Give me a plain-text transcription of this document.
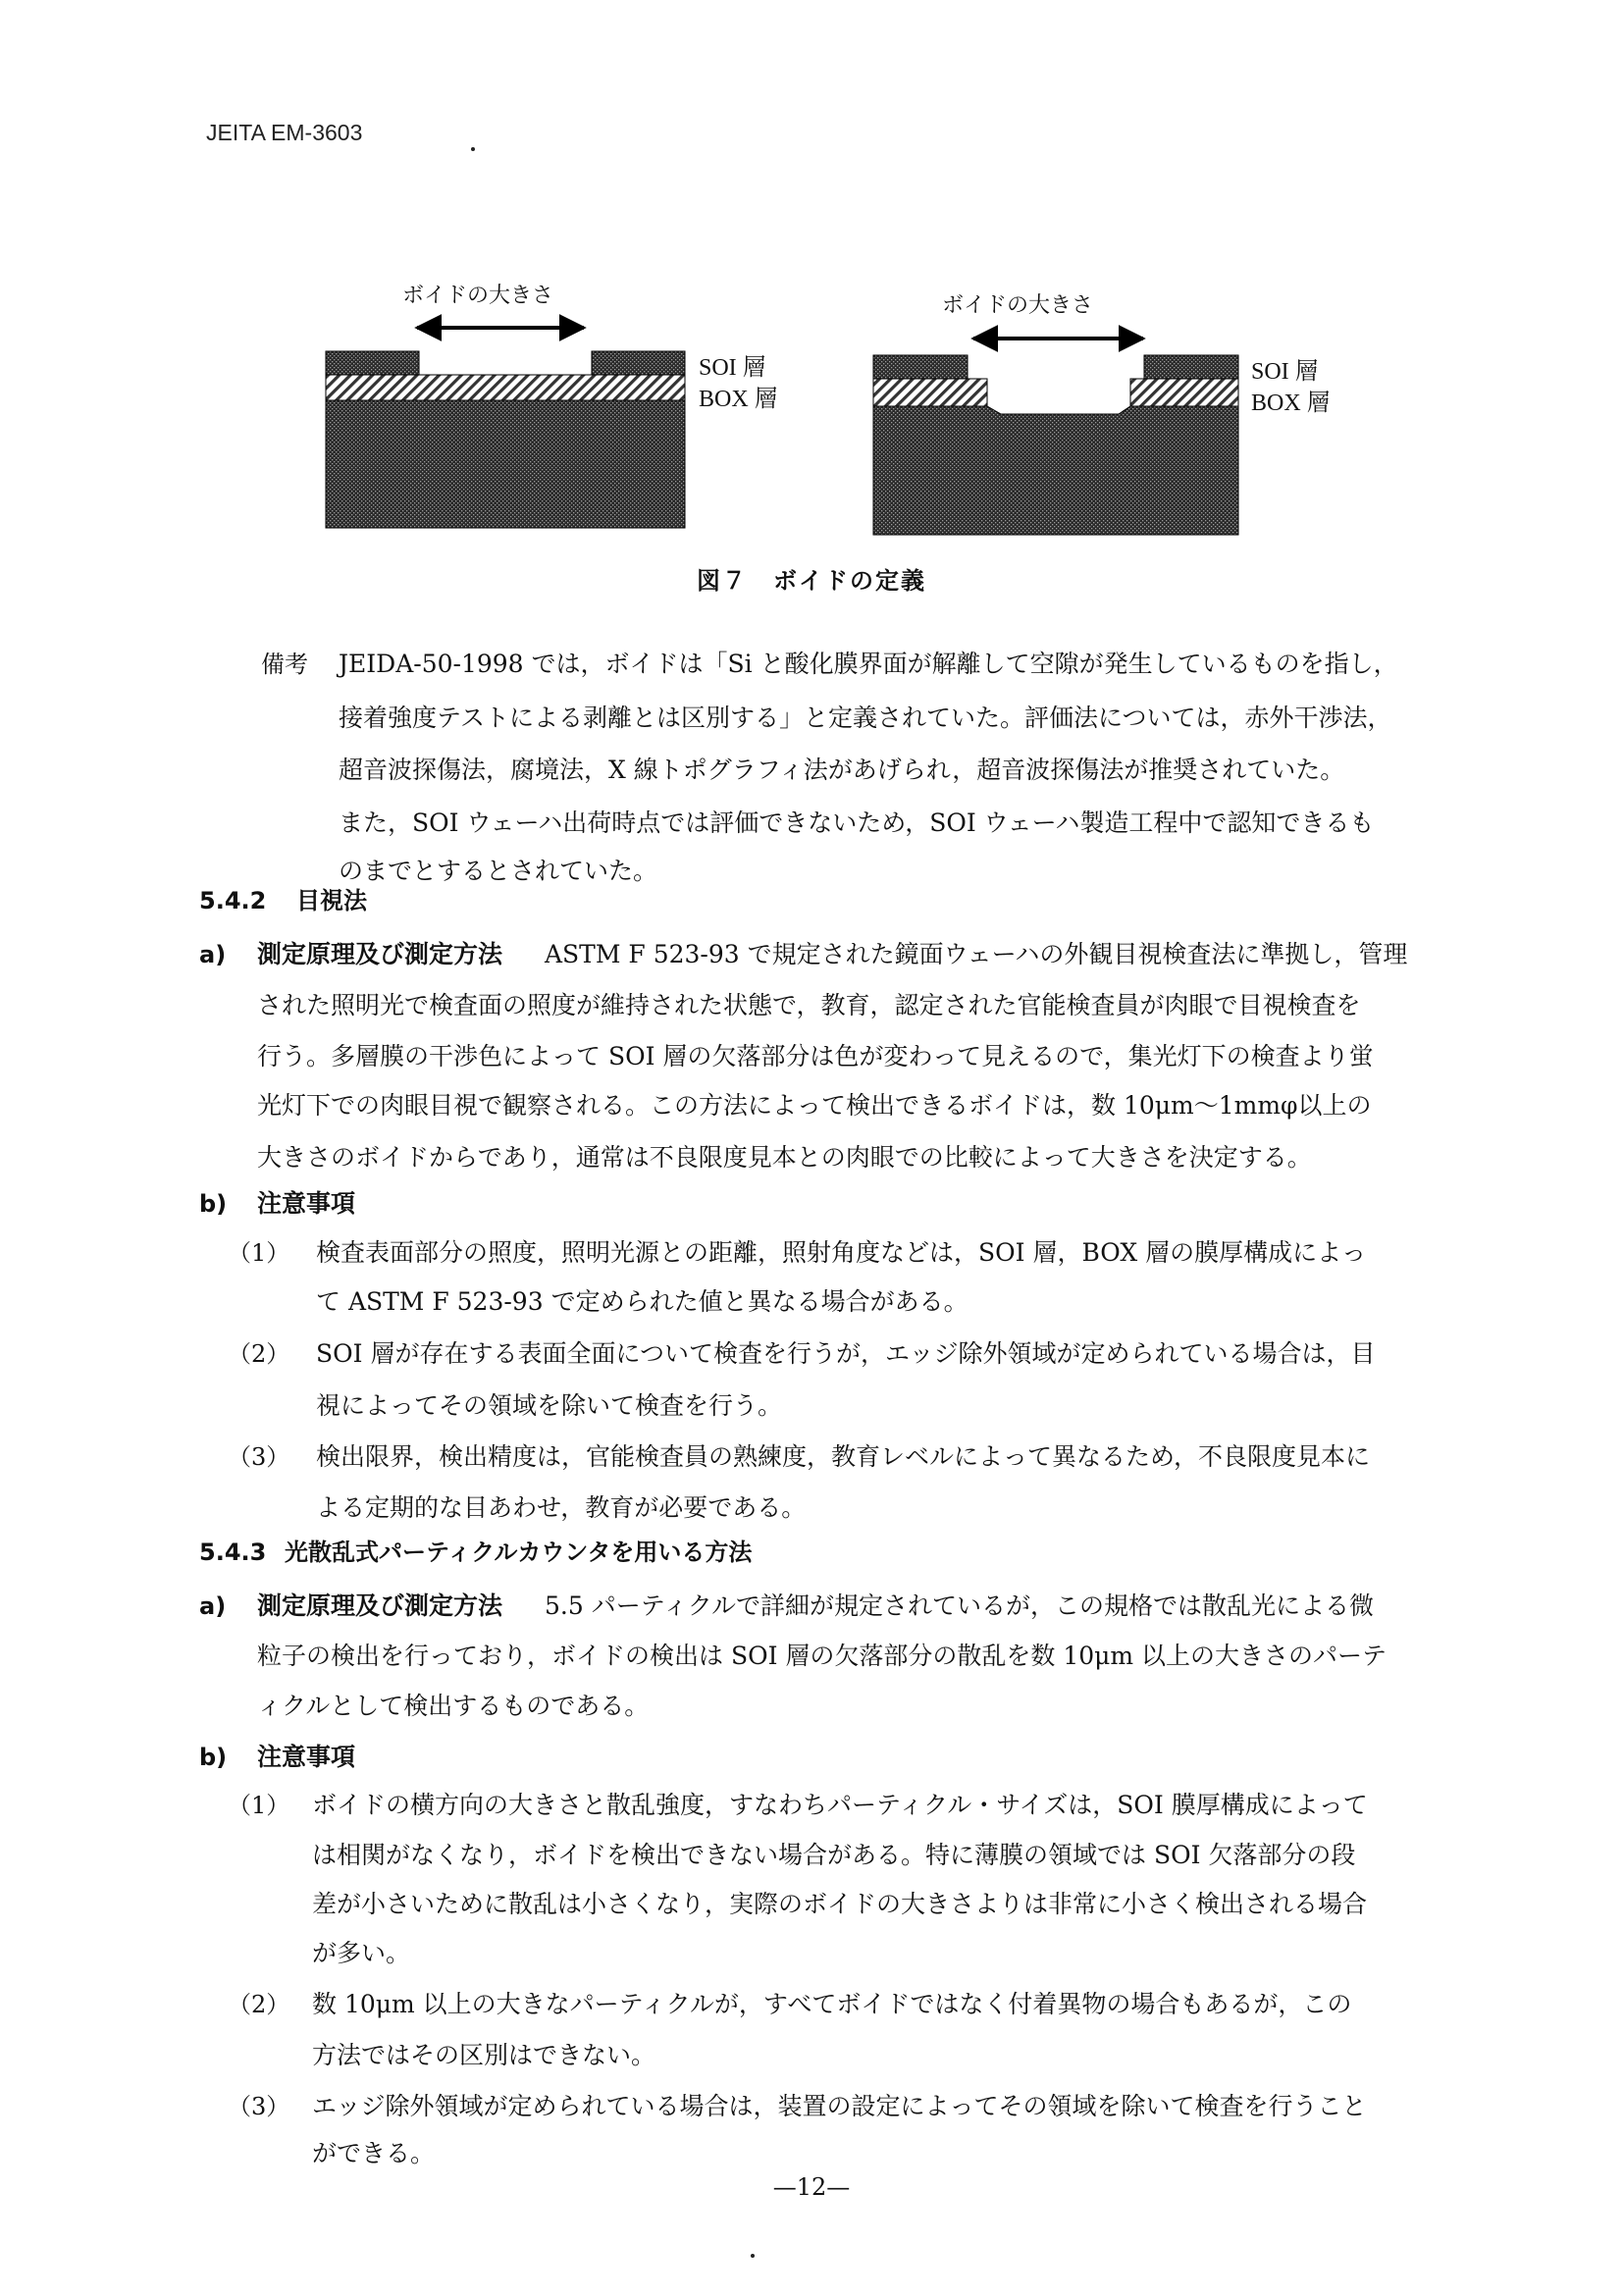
JEITA EM-3603
ボイドの大きさ	ボイドの大きさ
SOI 層
BOX 層
SOI 層
BOX 層
図７　ボイドの定義
備考 JEIDA-50-1998 では，ボイドは「Si と酸化膜界面が解離して空隙が発生しているものを指し，
接着強度テストによる剥離とは区別する」と定義されていた。評価法については，赤外干渉法，
超音波探傷法，腐境法，X 線トポグラフィ法があげられ，超音波探傷法が推奨されていた。
また，SOI ウェーハ出荷時点では評価できないため，SOI ウェーハ製造工程中で認知できるも
のまでとするとされていた。
5.4.2 目視法
a) 測定原理及び測定方法 ASTM F 523-93 で規定された鏡面ウェーハの外観目視検査法に準拠し，管理
された照明光で検査面の照度が維持された状態で，教育，認定された官能検査員が肉眼で目視検査を
行う。多層膜の干渉色によって SOI 層の欠落部分は色が変わって見えるので，集光灯下の検査より蛍
光灯下での肉眼目視で観察される。この方法によって検出できるボイドは，数 10μm〜1mmφ以上の
大きさのボイドからであり，通常は不良限度見本との肉眼での比較によって大きさを決定する。
b) 注意事項
（1） 検査表面部分の照度，照明光源との距離，照射角度などは，SOI 層，BOX 層の膜厚構成によっ
て ASTM F 523-93 で定められた値と異なる場合がある。
（2） SOI 層が存在する表面全面について検査を行うが，エッジ除外領域が定められている場合は，目
視によってその領域を除いて検査を行う。
（3） 検出限界，検出精度は，官能検査員の熟練度，教育レベルによって異なるため，不良限度見本に
よる定期的な目あわせ，教育が必要である。
5.4.3 光散乱式パーティクルカウンタを用いる方法
a) 測定原理及び測定方法 5.5 パーティクルで詳細が規定されているが，この規格では散乱光による微
粒子の検出を行っており，ボイドの検出は SOI 層の欠落部分の散乱を数 10μm 以上の大きさのパーテ
ィクルとして検出するものである。
b) 注意事項
（1） ボイドの横方向の大きさと散乱強度，すなわちパーティクル・サイズは，SOI 膜厚構成によって
は相関がなくなり，ボイドを検出できない場合がある。特に薄膜の領域では SOI 欠落部分の段
差が小さいために散乱は小さくなり，実際のボイドの大きさよりは非常に小さく検出される場合
が多い。
（2） 数 10μm 以上の大きなパーティクルが，すべてボイドではなく付着異物の場合もあるが，この
方法ではその区別はできない。
（3） エッジ除外領域が定められている場合は，装置の設定によってその領域を除いて検査を行うこと
ができる。
—12—
